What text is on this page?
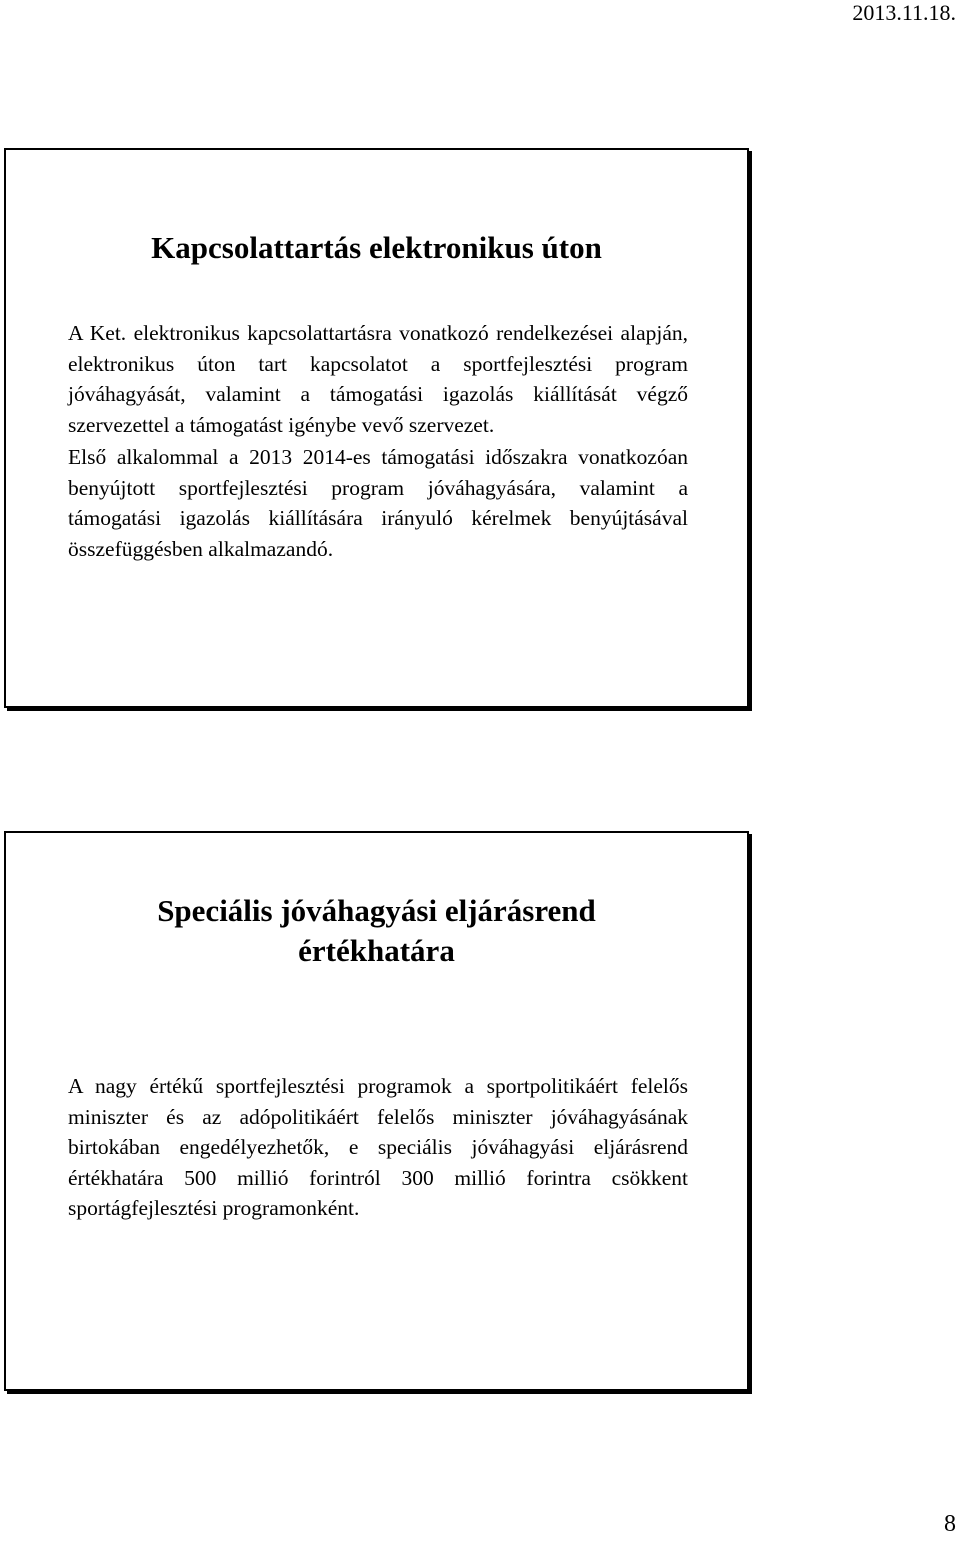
2013.11.18.
Kapcsolattartás elektronikus úton

A Ket. elektronikus kapcsolattartásra vonatkozó rendelkezései alapján, elektronikus úton tart kapcsolatot a sportfejlesztési program jóváhagyását, valamint a támogatási igazolás kiállítását végző szervezettel a támogatást igénybe vevő szervezet.

Első alkalommal a 2013 2014-es támogatási időszakra vonatkozóan benyújtott sportfejlesztési program jóváhagyására, valamint a támogatási igazolás kiállítására irányuló kérelmek benyújtásával összefüggésben alkalmazandó.

Speciális jóváhagyási eljárásrend
értékhatára

A nagy értékű sportfejlesztési programok a sportpolitikáért felelős miniszter és az adópolitikáért felelős miniszter jóváhagyásának birtokában engedélyezhetők, e speciális jóváhagyási eljárásrend értékhatára 500 millió forintról 300 millió forintra csökkent sportágfejlesztési programonként.

8
